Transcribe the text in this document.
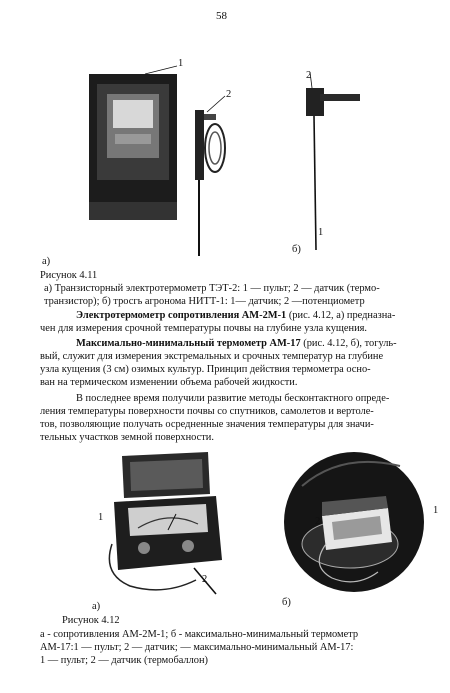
58
1
2
2
1
а)
б)
Рисунок 4.11
а) Транзисторный электротермометр ТЭТ-2: 1 — пульт; 2 — датчик (термо-
транзистор); б) тросгь агронома НИТТ-1: 1— датчик; 2 —потенциометр
Электротермометр сопротивления АМ-2М-1 (рис. 4.12, а) предназна-
чен для измерения срочной температуры почвы на глубине узла кущения.
Максимально-минимальный термометр АМ-17 (рис. 4.12, б), тогуль-
вый, служит для измерения экстремальных и срочных температур на глубине
узла кущения (3 см) озимых культур. Принцип действия термометра осно-
ван на термическом изменении объема рабочей жидкости.
В последнее время получили развитие методы бесконтактного опреде-
ления температуры поверхности почвы со спутников, самолетов и вертоле-
тов, позволяющие получать осредненные значения температуры для значи-
тельных участков земной поверхности.
1
2
1
2
а)	б)
Рисунок 4.12
а - сопротивления АМ-2М-1; б - максимально-минимальный термометр
АМ-17:1 — пульт; 2 — датчик; — максимально-минимальный АМ-17:
1 — пульт; 2 — датчик (термобаллон)
